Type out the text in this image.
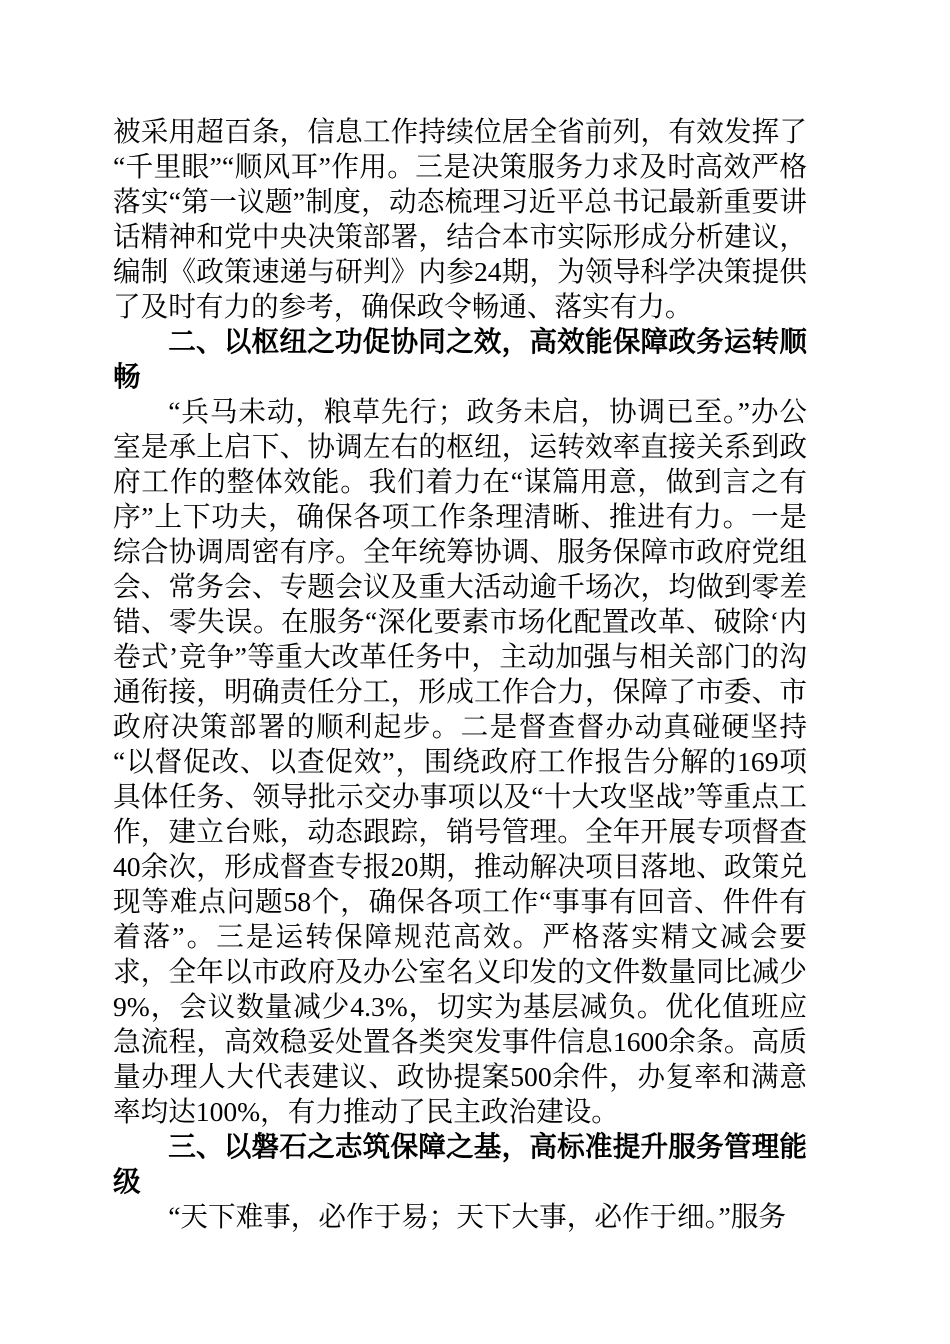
被采用超百条，信息工作持续位居全省前列，有效发挥了“千里眼”“顺风耳”作用。三是决策服务力求及时高效严格落实“第一议题”制度，动态梳理习近平总书记最新重要讲话精神和党中央决策部署，结合本市实际形成分析建议，编制《政策速递与研判》内参24期，为领导科学决策提供了及时有力的参考，确保政令畅通、落实有力。

二、以枢纽之功促协同之效，高效能保障政务运转顺畅

“兵马未动，粮草先行；政务未启，协调已至。”办公室是承上启下、协调左右的枢纽，运转效率直接关系到政府工作的整体效能。我们着力在“谋篇用意，做到言之有序”上下功夫，确保各项工作条理清晰、推进有力。一是综合协调周密有序。全年统筹协调、服务保障市政府党组会、常务会、专题会议及重大活动逾千场次，均做到零差错、零失误。在服务“深化要素市场化配置改革、破除‘内卷式’竞争”等重大改革任务中，主动加强与相关部门的沟通衔接，明确责任分工，形成工作合力，保障了市委、市政府决策部署的顺利起步。二是督查督办动真碰硬坚持“以督促改、以查促效”，围绕政府工作报告分解的169项具体任务、领导批示交办事项以及“十大攻坚战”等重点工作，建立台账，动态跟踪，销号管理。全年开展专项督查40余次，形成督查专报20期，推动解决项目落地、政策兑现等难点问题58个，确保各项工作“事事有回音、件件有着落”。三是运转保障规范高效。严格落实精文减会要求，全年以市政府及办公室名义印发的文件数量同比减少9%，会议数量减少4.3%，切实为基层减负。优化值班应急流程，高效稳妥处置各类突发事件信息1600余条。高质量办理人大代表建议、政协提案500余件，办复率和满意率均达100%，有力推动了民主政治建设。

三、以磐石之志筑保障之基，高标准提升服务管理能级

“天下难事，必作于易；天下大事，必作于细。”服务
